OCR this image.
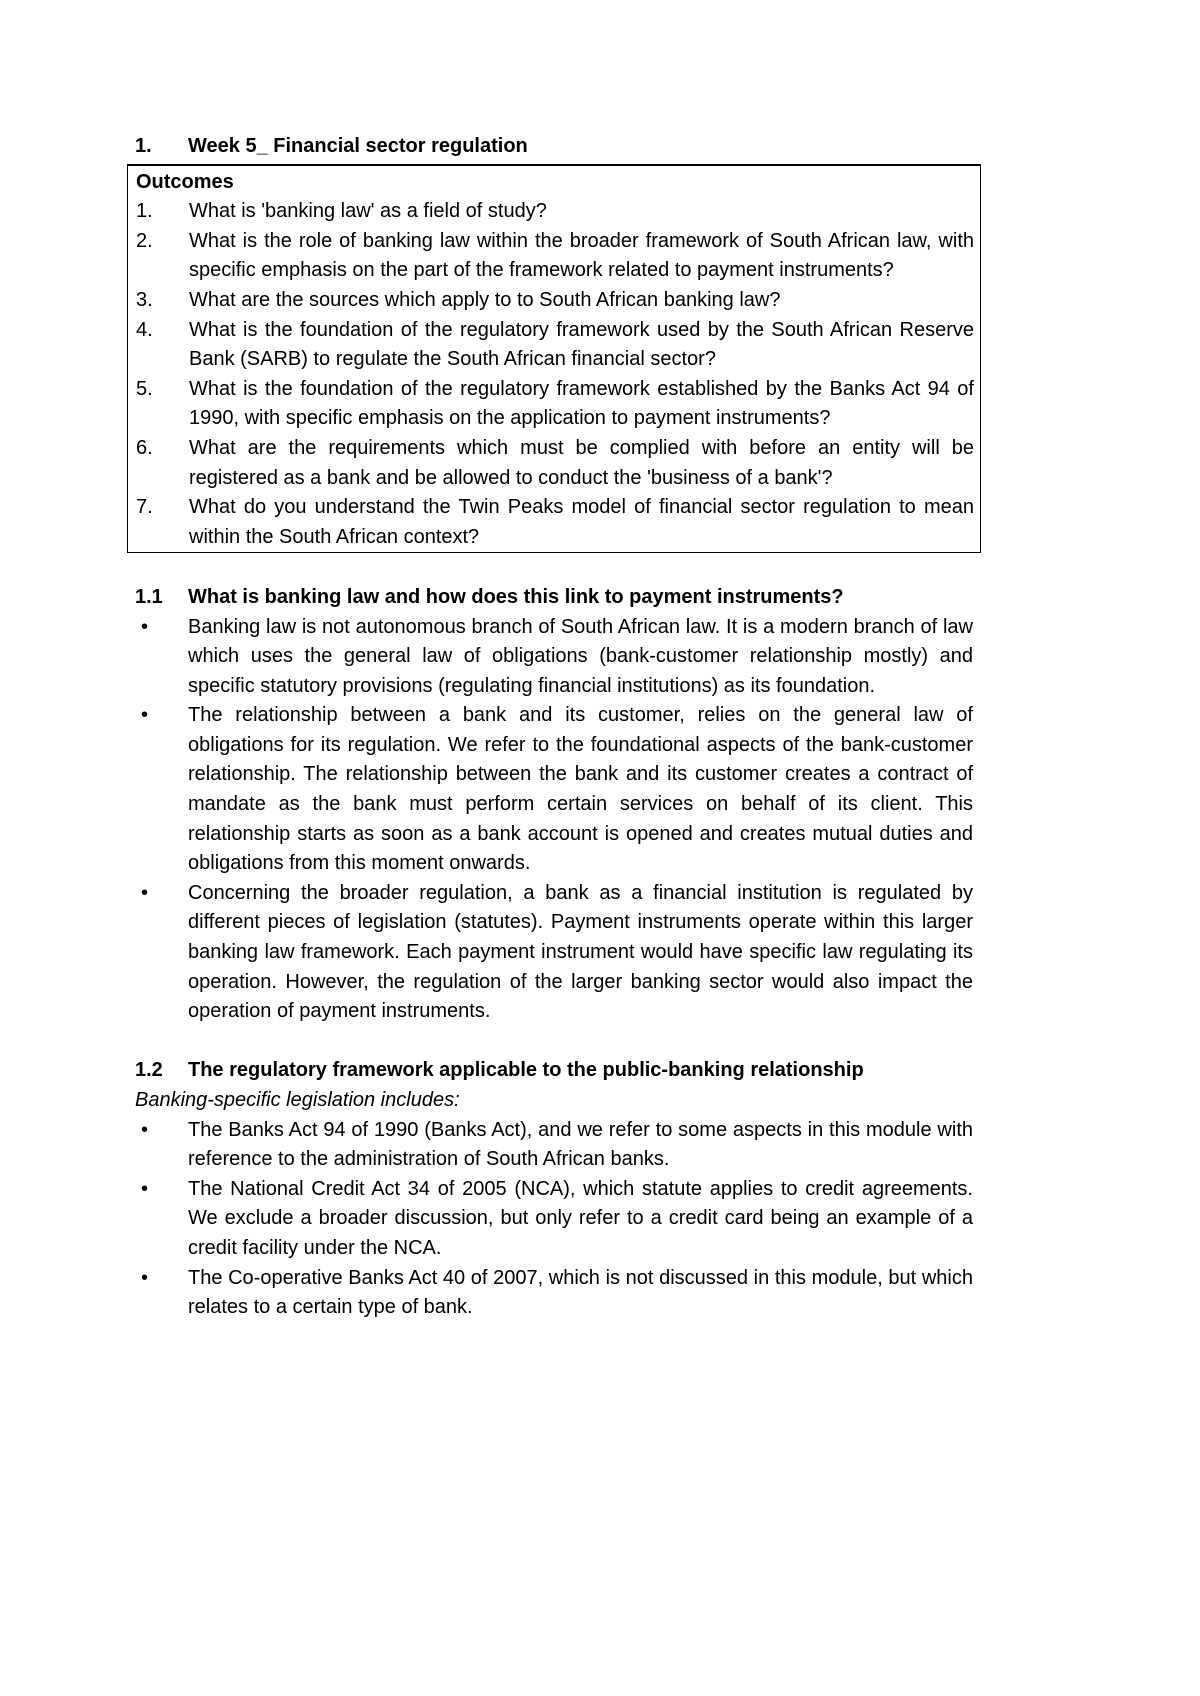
1.	Week 5_ Financial sector regulation
Outcomes
1.	What is 'banking law' as a field of study?
2.	What is the role of banking law within the broader framework of South African law, with specific emphasis on the part of the framework related to payment instruments?
3.	What are the sources which apply to to South African banking law?
4.	What is the foundation of the regulatory framework used by the South African Reserve Bank (SARB) to regulate the South African financial sector?
5.	What is the foundation of the regulatory framework established by the Banks Act 94 of 1990, with specific emphasis on the application to payment instruments?
6.	What are the requirements which must be complied with before an entity will be registered as a bank and be allowed to conduct the 'business of a bank'?
7.	What do you understand the Twin Peaks model of financial sector regulation to mean within the South African context?
1.1	What is banking law and how does this link to payment instruments?
•	Banking law is not autonomous branch of South African law. It is a modern branch of law which uses the general law of obligations (bank-customer relationship mostly) and specific statutory provisions (regulating financial institutions) as its foundation.
•	The relationship between a bank and its customer, relies on the general law of obligations for its regulation. We refer to the foundational aspects of the bank-customer relationship. The relationship between the bank and its customer creates a contract of mandate as the bank must perform certain services on behalf of its client. This relationship starts as soon as a bank account is opened and creates mutual duties and obligations from this moment onwards.
•	Concerning the broader regulation, a bank as a financial institution is regulated by different pieces of legislation (statutes). Payment instruments operate within this larger banking law framework. Each payment instrument would have specific law regulating its operation. However, the regulation of the larger banking sector would also impact the operation of payment instruments.
1.2	The regulatory framework applicable to the public-banking relationship
Banking-specific legislation includes:
•	The Banks Act 94 of 1990 (Banks Act), and we refer to some aspects in this module with reference to the administration of South African banks.
•	The National Credit Act 34 of 2005 (NCA), which statute applies to credit agreements. We exclude a broader discussion, but only refer to a credit card being an example of a credit facility under the NCA.
•	The Co-operative Banks Act 40 of 2007, which is not discussed in this module, but which relates to a certain type of bank.
